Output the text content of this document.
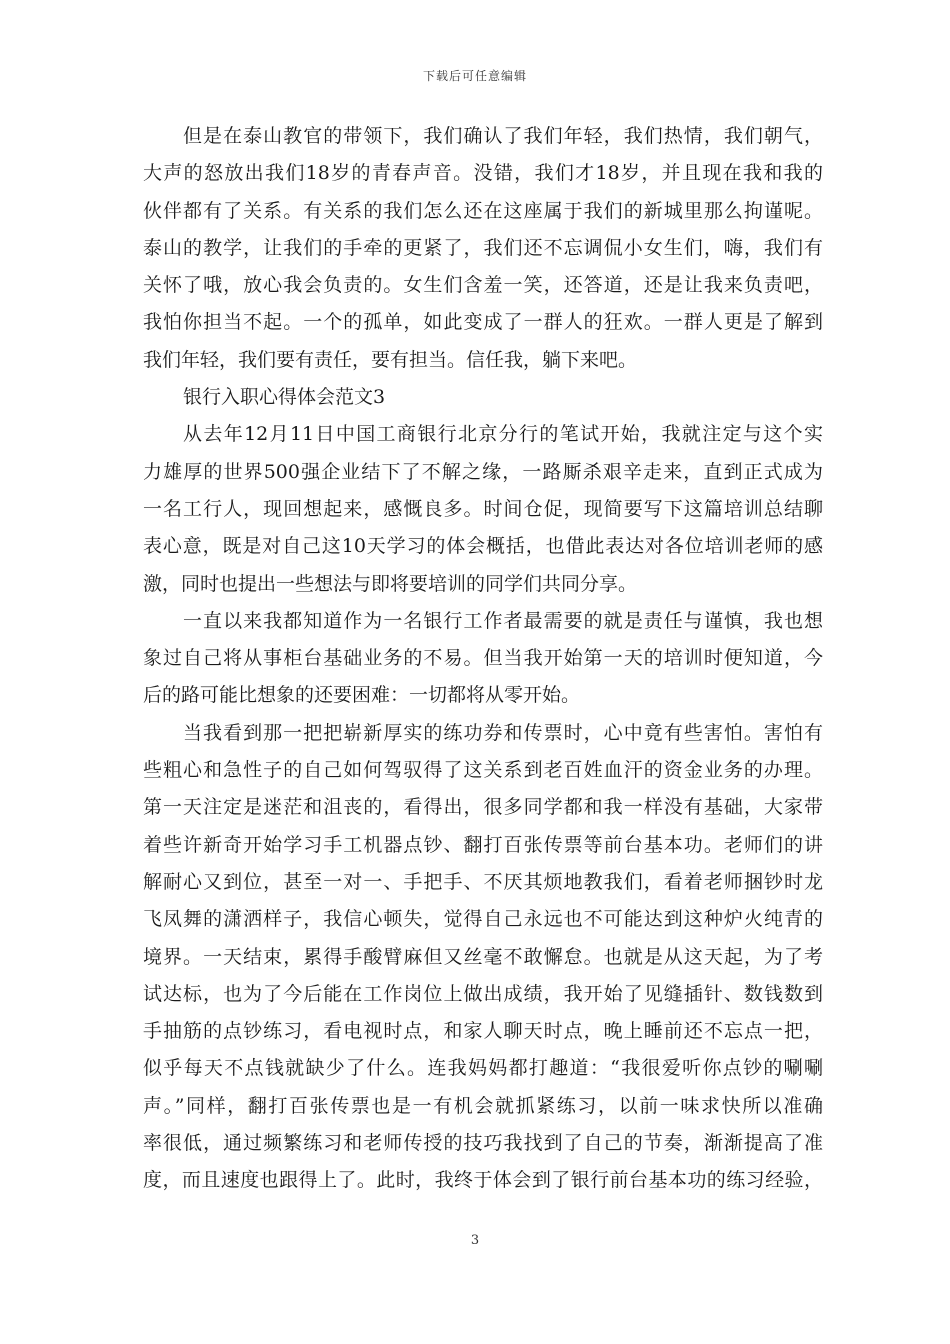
下载后可任意编辑
但是在泰山教官的带领下，我们确认了我们年轻，我们热情，我们朝气，
大声的怒放出我们18岁的青春声音。没错，我们才18岁，并且现在我和我的
伙伴都有了关系。有关系的我们怎么还在这座属于我们的新城里那么拘谨呢。
泰山的教学，让我们的手牵的更紧了，我们还不忘调侃小女生们，嗨，我们有
关怀了哦，放心我会负责的。女生们含羞一笑，还答道，还是让我来负责吧，
我怕你担当不起。一个的孤单，如此变成了一群人的狂欢。一群人更是了解到
我们年轻，我们要有责任，要有担当。信任我，躺下来吧。
银行入职心得体会范文3
从去年12月11日中国工商银行北京分行的笔试开始，我就注定与这个实
力雄厚的世界500强企业结下了不解之缘，一路厮杀艰辛走来，直到正式成为
一名工行人，现回想起来，感慨良多。时间仓促，现简要写下这篇培训总结聊
表心意，既是对自己这10天学习的体会概括，也借此表达对各位培训老师的感
激，同时也提出一些想法与即将要培训的同学们共同分享。
一直以来我都知道作为一名银行工作者最需要的就是责任与谨慎，我也想
象过自己将从事柜台基础业务的不易。但当我开始第一天的培训时便知道，今
后的路可能比想象的还要困难：一切都将从零开始。
当我看到那一把把崭新厚实的练功券和传票时，心中竟有些害怕。害怕有
些粗心和急性子的自己如何驾驭得了这关系到老百姓血汗的资金业务的办理。
第一天注定是迷茫和沮丧的，看得出，很多同学都和我一样没有基础，大家带
着些许新奇开始学习手工机器点钞、翻打百张传票等前台基本功。老师们的讲
解耐心又到位，甚至一对一、手把手、不厌其烦地教我们，看着老师捆钞时龙
飞凤舞的潇洒样子，我信心顿失，觉得自己永远也不可能达到这种炉火纯青的
境界。一天结束，累得手酸臂麻但又丝毫不敢懈怠。也就是从这天起，为了考
试达标，也为了今后能在工作岗位上做出成绩，我开始了见缝插针、数钱数到
手抽筋的点钞练习，看电视时点，和家人聊天时点，晚上睡前还不忘点一把，
似乎每天不点钱就缺少了什么。连我妈妈都打趣道：“我很爱听你点钞的唰唰
声。”同样，翻打百张传票也是一有机会就抓紧练习，以前一味求快所以准确
率很低，通过频繁练习和老师传授的技巧我找到了自己的节奏，渐渐提高了准
度，而且速度也跟得上了。此时，我终于体会到了银行前台基本功的练习经验，
3
